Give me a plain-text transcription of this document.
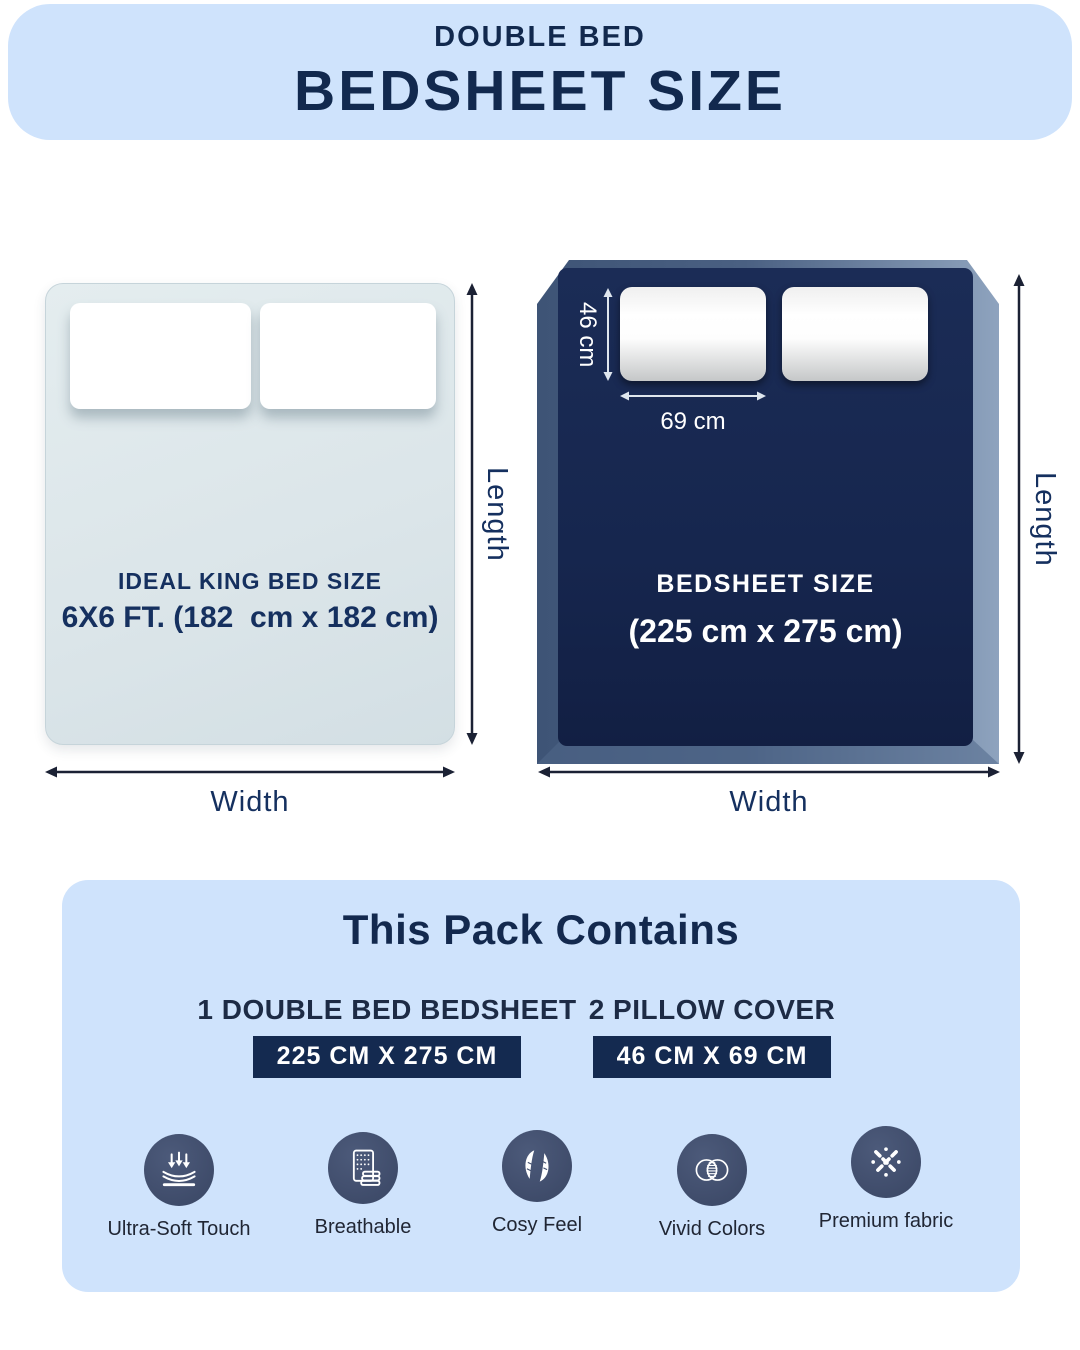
DOUBLE BED
BEDSHEET SIZE
IDEAL KING BED SIZE
6X6 FT. (182  cm x 182 cm)
Length
Width
46 cm
69 cm
BEDSHEET SIZE
(225 cm x 275 cm)
Length
Width
This Pack Contains
1 DOUBLE BED BEDSHEET
225 CM X 275 CM
2 PILLOW COVER
46 CM X 69 CM
Ultra-Soft Touch	Breathable	Cosy Feel	Vivid Colors	Premium fabric
